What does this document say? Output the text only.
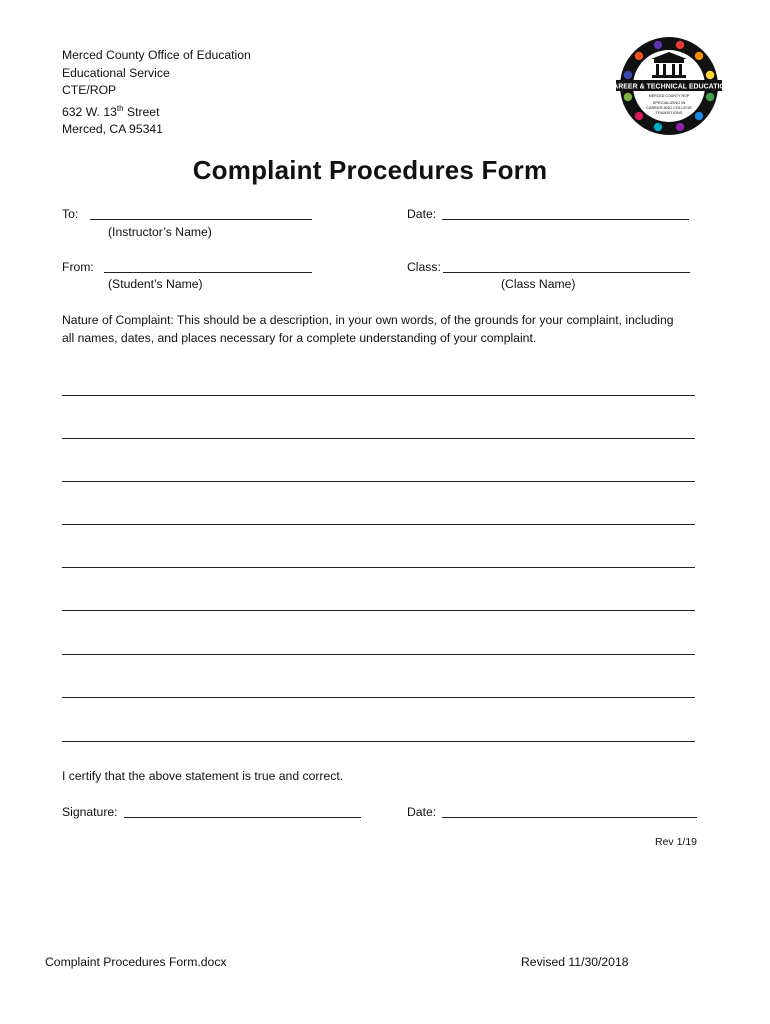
Merced County Office of Education
Educational Service
CTE/ROP
632 W. 13th Street
Merced, CA 95341
CAREER & TECHNICAL EDUCATION
MERCED COUNTY ROP
SPECIALIZING IN
CAREER AND COLLEGE
TRANSITIONS
Complaint Procedures Form
To:
(Instructor’s Name)
Date:
From:
(Student’s Name)
Class:
(Class Name)
Nature of Complaint: This should be a description, in your own words, of the grounds for your complaint, including all names, dates, and places necessary for a complete understanding of your complaint.
I certify that the above statement is true and correct.
Signature:	Date:
Rev 1/19
Complaint Procedures Form.docx	Revised 11/30/2018
